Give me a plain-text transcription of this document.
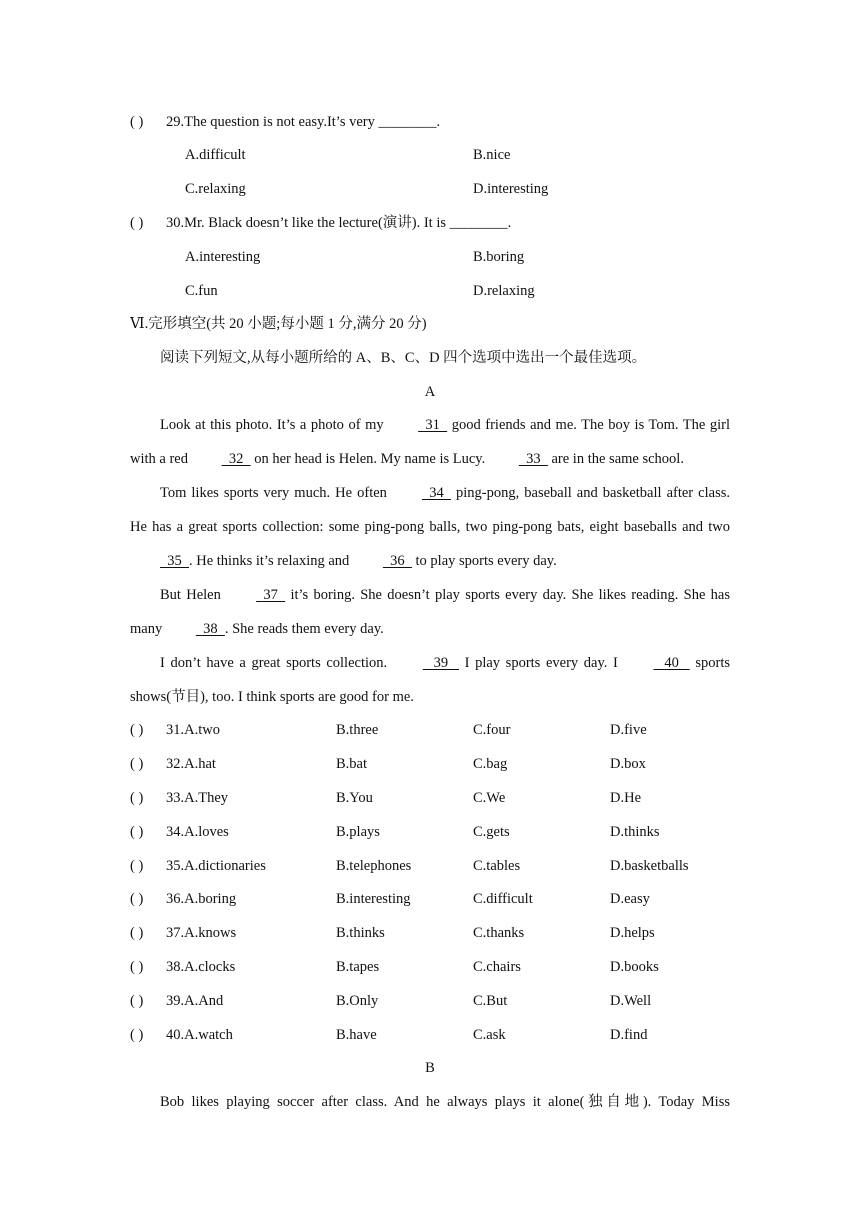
( ) 29.The question is not easy.It’s very ________.
A.difficult	B.nice
C.relaxing	D.interesting
( ) 30.Mr. Black doesn’t like the lecture(演讲). It is ________.
A.interesting	B.boring
C.fun	D.relaxing
Ⅵ.完形填空(共 20 小题;每小题 1 分,满分 20 分)
阅读下列短文,从每小题所给的 A、B、C、D 四个选项中选出一个最佳选项。
A

Look at this photo. It’s a photo of my   31   good friends and me. The boy is Tom. The girl with a red   32   on her head is Helen. My name is Lucy.   33   are in the same school.

Tom likes sports very much. He often   34   ping-pong, baseball and basketball after class. He has a great sports collection: some ping-pong balls, two ping-pong bats, eight baseballs and two   35  . He thinks it’s relaxing and   36   to play sports every day.

But Helen   37   it’s boring. She doesn’t play sports every day. She likes reading. She has many   38  . She reads them every day.

I don’t have a great sports collection.    39    I play sports every day. I    40    sports shows(节目), too. I think sports are good for me.

( ) 31.A.two	B.three	C.four	D.five
( ) 32.A.hat	B.bat	C.bag	D.box
( ) 33.A.They	B.You	C.We	D.He
( ) 34.A.loves	B.plays	C.gets	D.thinks
( ) 35.A.dictionaries	B.telephones	C.tables	D.basketballs
( ) 36.A.boring	B.interesting	C.difficult	D.easy
( ) 37.A.knows	B.thinks	C.thanks	D.helps
( ) 38.A.clocks	B.tapes	C.chairs	D.books
( ) 39.A.And	B.Only	C.But	D.Well
( ) 40.A.watch	B.have	C.ask	D.find
B
Bob likes playing soccer after class. And he always plays it alone(独自地). Today Miss
